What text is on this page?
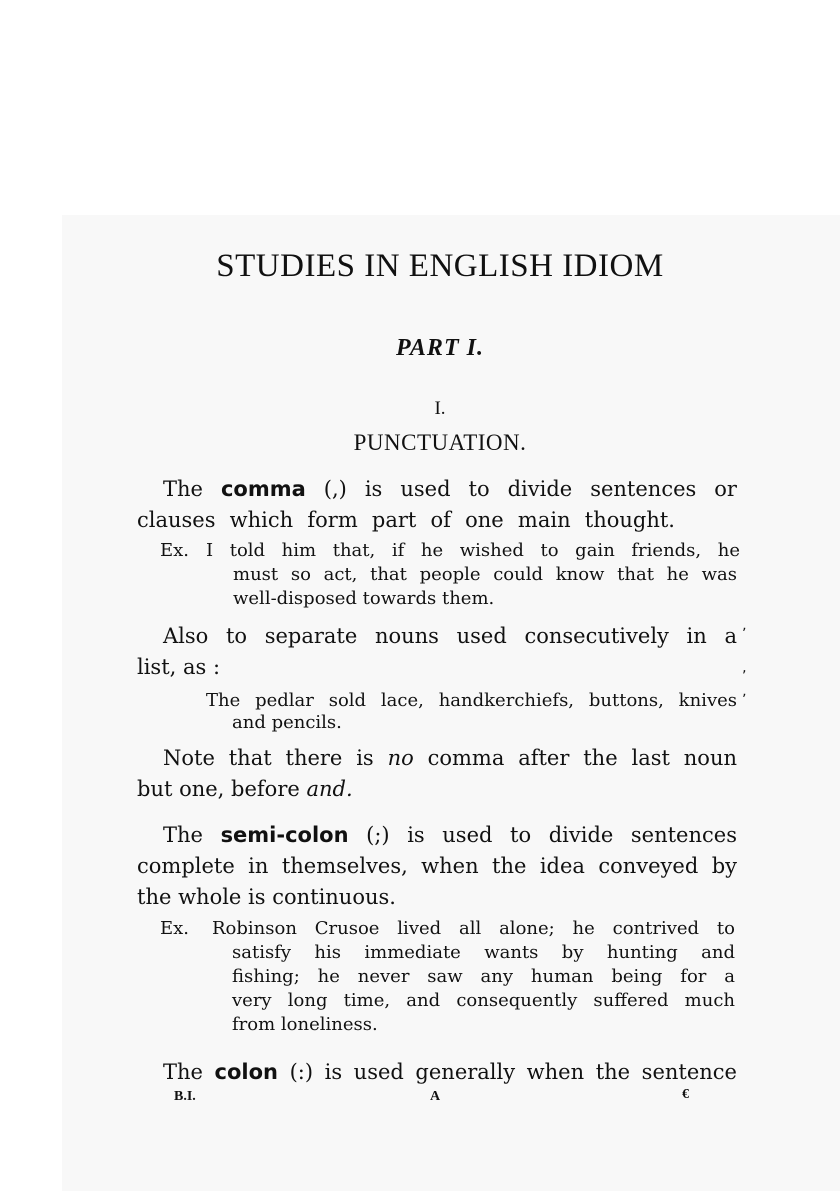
STUDIES IN ENGLISH IDIOM
PART I.
I.
PUNCTUATION.
The comma (,) is used to divide sentences or
clauses which form part of one main thought.
Ex. I told him that, if he wished to gain friends, he
must so act, that people could know that he was
well-disposed towards them.
Also to separate nouns used consecutively in a
list, as :
The pedlar sold lace, handkerchiefs, buttons, knives
and pencils.
Note that there is no comma after the last noun
but one, before and.
The semi-colon (;) is used to divide sentences
complete in themselves, when the idea conveyed by
the whole is continuous.
Ex. Robinson Crusoe lived all alone; he contrived to
satisfy his immediate wants by hunting and
fishing; he never saw any human being for a
very long time, and consequently suffered much
from loneliness.
The colon (:) is used generally when the sentence
ʼ
‚
ʼ
B.I.	A	€
